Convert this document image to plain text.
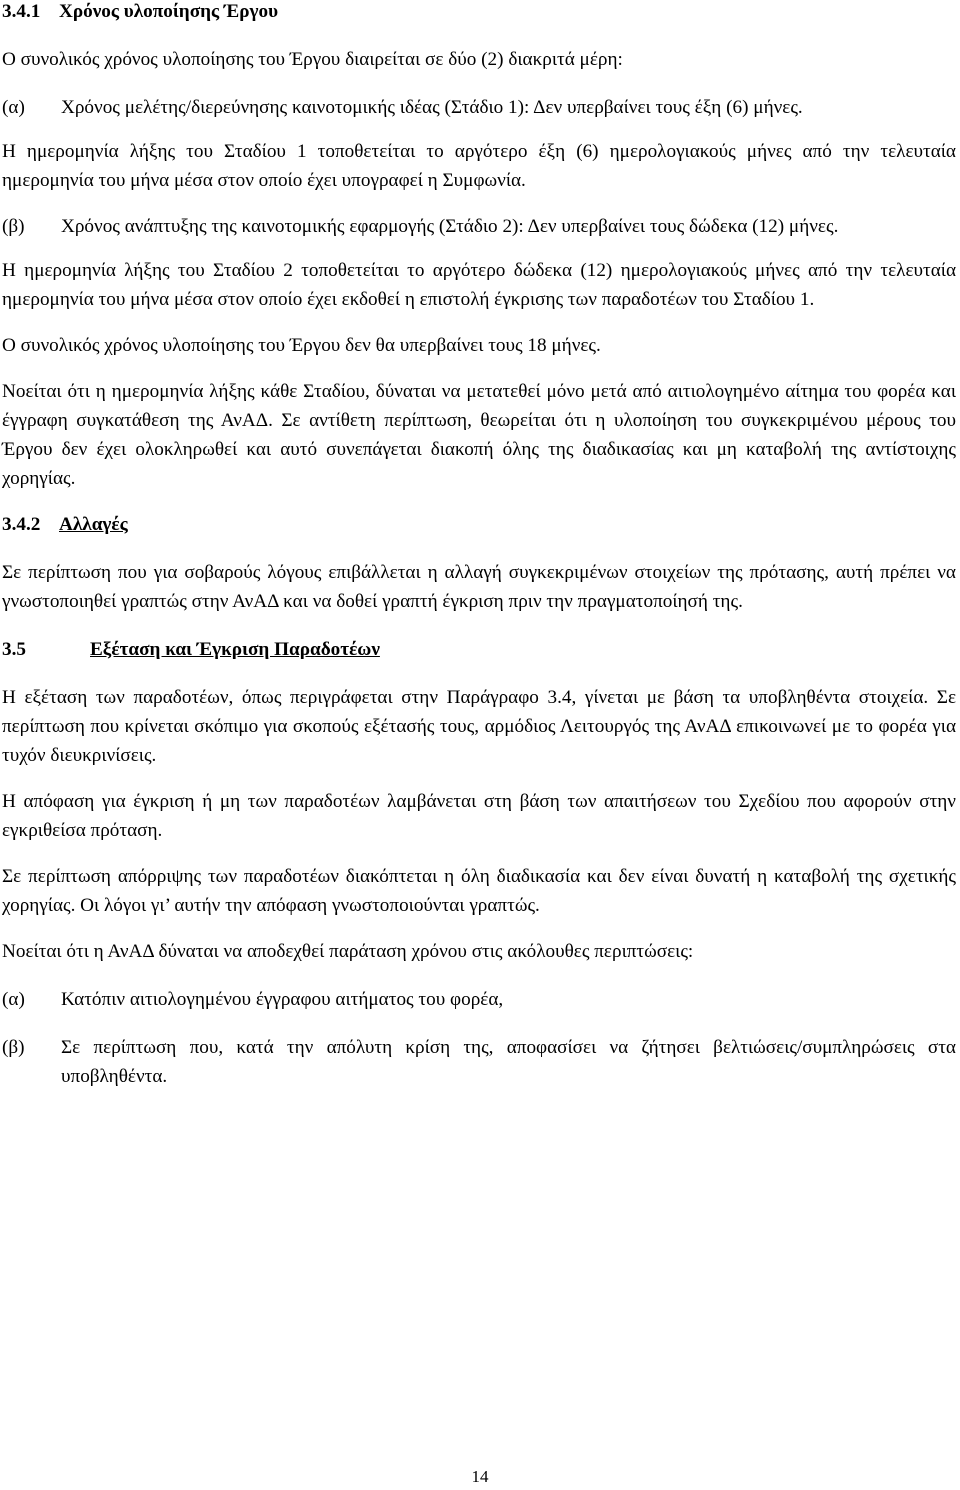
3.4.1 Χρόνος υλοποίησης Έργου

Ο συνολικός χρόνος υλοποίησης του Έργου διαιρείται σε δύο (2) διακριτά μέρη:

(α)	Χρόνος μελέτης/διερεύνησης καινοτομικής ιδέας (Στάδιο 1): Δεν υπερβαίνει τους έξη (6) μήνες.

Η ημερομηνία λήξης του Σταδίου 1 τοποθετείται το αργότερο έξη (6) ημερολογιακούς μήνες από την τελευταία ημερομηνία του μήνα μέσα στον οποίο έχει υπογραφεί η Συμφωνία.

(β)	Χρόνος ανάπτυξης της καινοτομικής εφαρμογής (Στάδιο 2): Δεν υπερβαίνει τους δώδεκα (12) μήνες.

Η ημερομηνία λήξης του Σταδίου 2 τοποθετείται το αργότερο δώδεκα (12) ημερολογιακούς μήνες από την τελευταία ημερομηνία του μήνα μέσα στον οποίο έχει εκδοθεί η επιστολή έγκρισης των παραδοτέων του Σταδίου 1.

Ο συνολικός χρόνος υλοποίησης του Έργου δεν θα υπερβαίνει τους 18 μήνες.

Νοείται ότι η ημερομηνία λήξης κάθε Σταδίου, δύναται να μετατεθεί μόνο μετά από αιτιολογημένο αίτημα του φορέα και έγγραφη συγκατάθεση της ΑνΑΔ. Σε αντίθετη περίπτωση, θεωρείται ότι η υλοποίηση του συγκεκριμένου μέρους του Έργου δεν έχει ολοκληρωθεί και αυτό συνεπάγεται διακοπή όλης της διαδικασίας και μη καταβολή της αντίστοιχης χορηγίας.

3.4.2 Αλλαγές

Σε περίπτωση που για σοβαρούς λόγους επιβάλλεται η αλλαγή συγκεκριμένων στοιχείων της πρότασης, αυτή πρέπει να γνωστοποιηθεί γραπτώς στην ΑνΑΔ και να δοθεί γραπτή έγκριση πριν την πραγματοποίησή της.

3.5	Εξέταση και Έγκριση Παραδοτέων

Η εξέταση των παραδοτέων, όπως περιγράφεται στην Παράγραφο 3.4, γίνεται με βάση τα υποβληθέντα στοιχεία. Σε περίπτωση που κρίνεται σκόπιμο για σκοπούς εξέτασής τους, αρμόδιος Λειτουργός της ΑνΑΔ επικοινωνεί με το φορέα για τυχόν διευκρινίσεις.

Η απόφαση για έγκριση ή μη των παραδοτέων λαμβάνεται στη βάση των απαιτήσεων του Σχεδίου που αφορούν στην εγκριθείσα πρόταση.

Σε περίπτωση απόρριψης των παραδοτέων διακόπτεται η όλη διαδικασία και δεν είναι δυνατή η καταβολή της σχετικής χορηγίας. Οι λόγοι γι’ αυτήν την απόφαση γνωστοποιούνται γραπτώς.

Νοείται ότι η ΑνΑΔ δύναται να αποδεχθεί παράταση χρόνου στις ακόλουθες περιπτώσεις:

(α)	Κατόπιν αιτιολογημένου έγγραφου αιτήματος του φορέα,
(β)	Σε περίπτωση που, κατά την απόλυτη κρίση της, αποφασίσει να ζήτησει βελτιώσεις/συμπληρώσεις στα υποβληθέντα.
14
